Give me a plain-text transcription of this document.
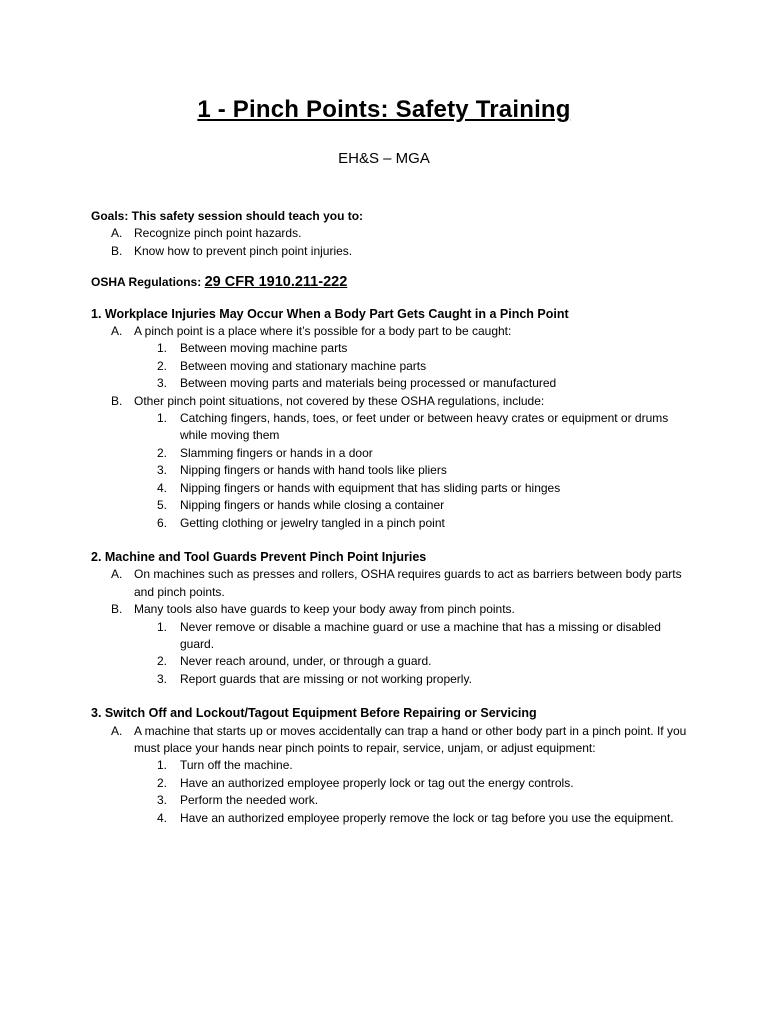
1 - Pinch Points: Safety Training
EH&S – MGA

Goals: This safety session should teach you to:

A. Recognize pinch point hazards.
B. Know how to prevent pinch point injuries.

OSHA Regulations: 29 CFR 1910.211-222

1. Workplace Injuries May Occur When a Body Part Gets Caught in a Pinch Point

A. A pinch point is a place where it’s possible for a body part to be caught:
1.	Between moving machine parts
2.	Between moving and stationary machine parts
3.	Between moving parts and materials being processed or manufactured
B. Other pinch point situations, not covered by these OSHA regulations, include:
1.	Catching fingers, hands, toes, or feet under or between heavy crates or equipment or drums while moving them
2.	Slamming fingers or hands in a door
3.	Nipping fingers or hands with hand tools like pliers
4.	Nipping fingers or hands with equipment that has sliding parts or hinges
5.	Nipping fingers or hands while closing a container
6.	Getting clothing or jewelry tangled in a pinch point

2. Machine and Tool Guards Prevent Pinch Point Injuries

A. On machines such as presses and rollers, OSHA requires guards to act as barriers between body parts and pinch points.
B. Many tools also have guards to keep your body away from pinch points.
1.	Never remove or disable a machine guard or use a machine that has a missing or disabled guard.
2.	Never reach around, under, or through a guard.
3.	Report guards that are missing or not working properly.

3. Switch Off and Lockout/Tagout Equipment Before Repairing or Servicing

A. A machine that starts up or moves accidentally can trap a hand or other body part in a pinch point. If you must place your hands near pinch points to repair, service, unjam, or adjust equipment:
1.	Turn off the machine.
2.	Have an authorized employee properly lock or tag out the energy controls.
3.	Perform the needed work.
4.	Have an authorized employee properly remove the lock or tag before you use the equipment.
